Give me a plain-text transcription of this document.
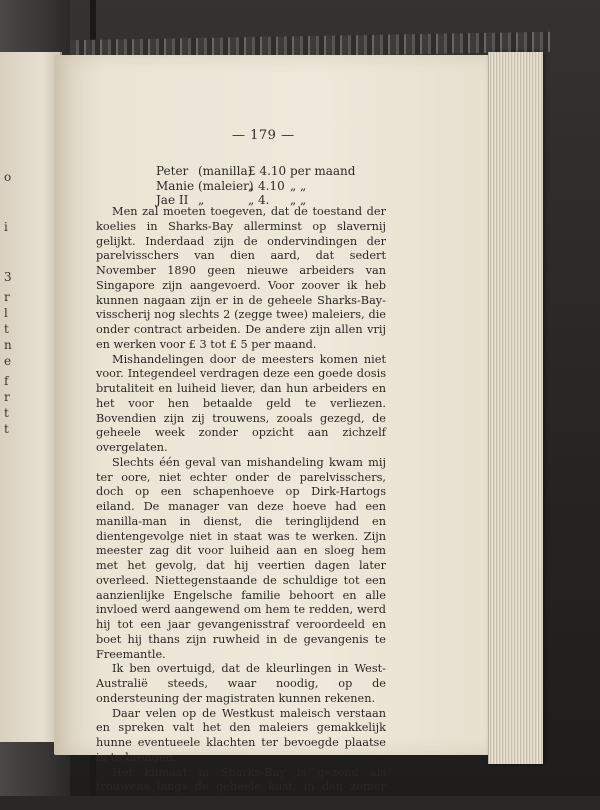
o
i
3
r
l
t
n
e
f
r
t
t
— 179 —
Peter (manilla)
£ 4.10 per maand
Manie (maleier)
„ 4.10 „ „
Jae II „	„ 4. „ „

Men zal moeten toegeven, dat de toestand der koelies in Sharks-Bay allerminst op slavernij gelijkt. Inderdaad zijn de ondervindingen der parelvisschers van dien aard, dat sedert November 1890 geen nieuwe arbeiders van Singapore zijn aangevoerd. Voor zoover ik heb kunnen nagaan zijn er in de geheele Sharks-Bay-visscherij nog slechts 2 (zegge twee) maleiers, die onder contract arbeiden. De andere zijn allen vrij en werken voor £ 3 tot £ 5 per maand.

Mishandelingen door de meesters komen niet voor. Integendeel verdragen deze een goede dosis brutaliteit en luiheid liever, dan hun arbeiders en het voor hen betaalde geld te verliezen. Bovendien zijn zij trouwens, zooals gezegd, de geheele week zonder opzicht aan zichzelf overgelaten.

Slechts één geval van mishandeling kwam mij ter oore, niet echter onder de parelvisschers, doch op een schapenhoeve op Dirk-Hartogs eiland. De manager van deze hoeve had een manilla-man in dienst, die teringlijdend en dientengevolge niet in staat was te werken. Zijn meester zag dit voor luiheid aan en sloeg hem met het gevolg, dat hij veertien dagen later overleed. Niettegenstaande de schuldige tot een aanzienlijke Engelsche familie behoort en alle invloed werd aangewend om hem te redden, werd hij tot een jaar gevangenisstraf veroordeeld en boet hij thans zijn ruwheid in de gevangenis te Freemantle.

Ik ben overtuigd, dat de kleurlingen in West-Australië steeds, waar noodig, op de ondersteuning der magistraten kunnen rekenen.

Daar velen op de Westkust maleisch verstaan en spreken valt het den maleiers gemakkelijk hunne eventueele klachten ter bevoegde plaatse in te brengen.

Het klimaat in Sharks-Bay is gezond als trouwens langs de geheele kust, in den zomer warm doch droog.
